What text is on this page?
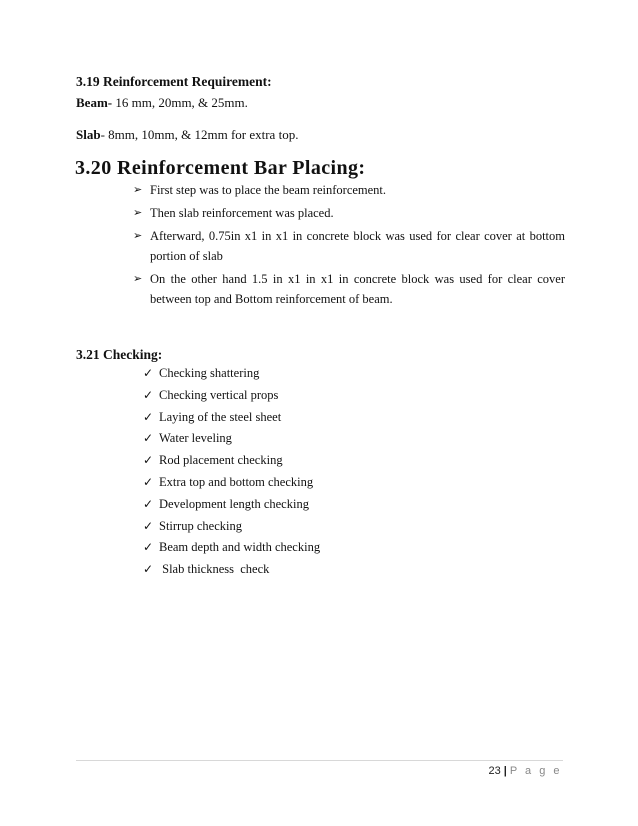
3.19 Reinforcement Requirement:
Beam- 16 mm, 20mm, & 25mm.
Slab- 8mm, 10mm, & 12mm for extra top.
3.20 Reinforcement Bar Placing:
➢ First step was to place the beam reinforcement.
➢ Then slab reinforcement was placed.
➢ Afterward, 0.75in x1 in x1 in concrete block was used for clear cover at bottom portion of slab
➢ On the other hand 1.5 in x1 in x1 in concrete block was used for clear cover between top and Bottom reinforcement of beam.
3.21 Checking:
✓ Checking shattering
✓ Checking vertical props
✓ Laying of the steel sheet
✓ Water leveling
✓ Rod placement checking
✓ Extra top and bottom checking
✓ Development length checking
✓ Stirrup checking
✓ Beam depth and width checking
✓ Slab thickness  check
23 | P a g e
